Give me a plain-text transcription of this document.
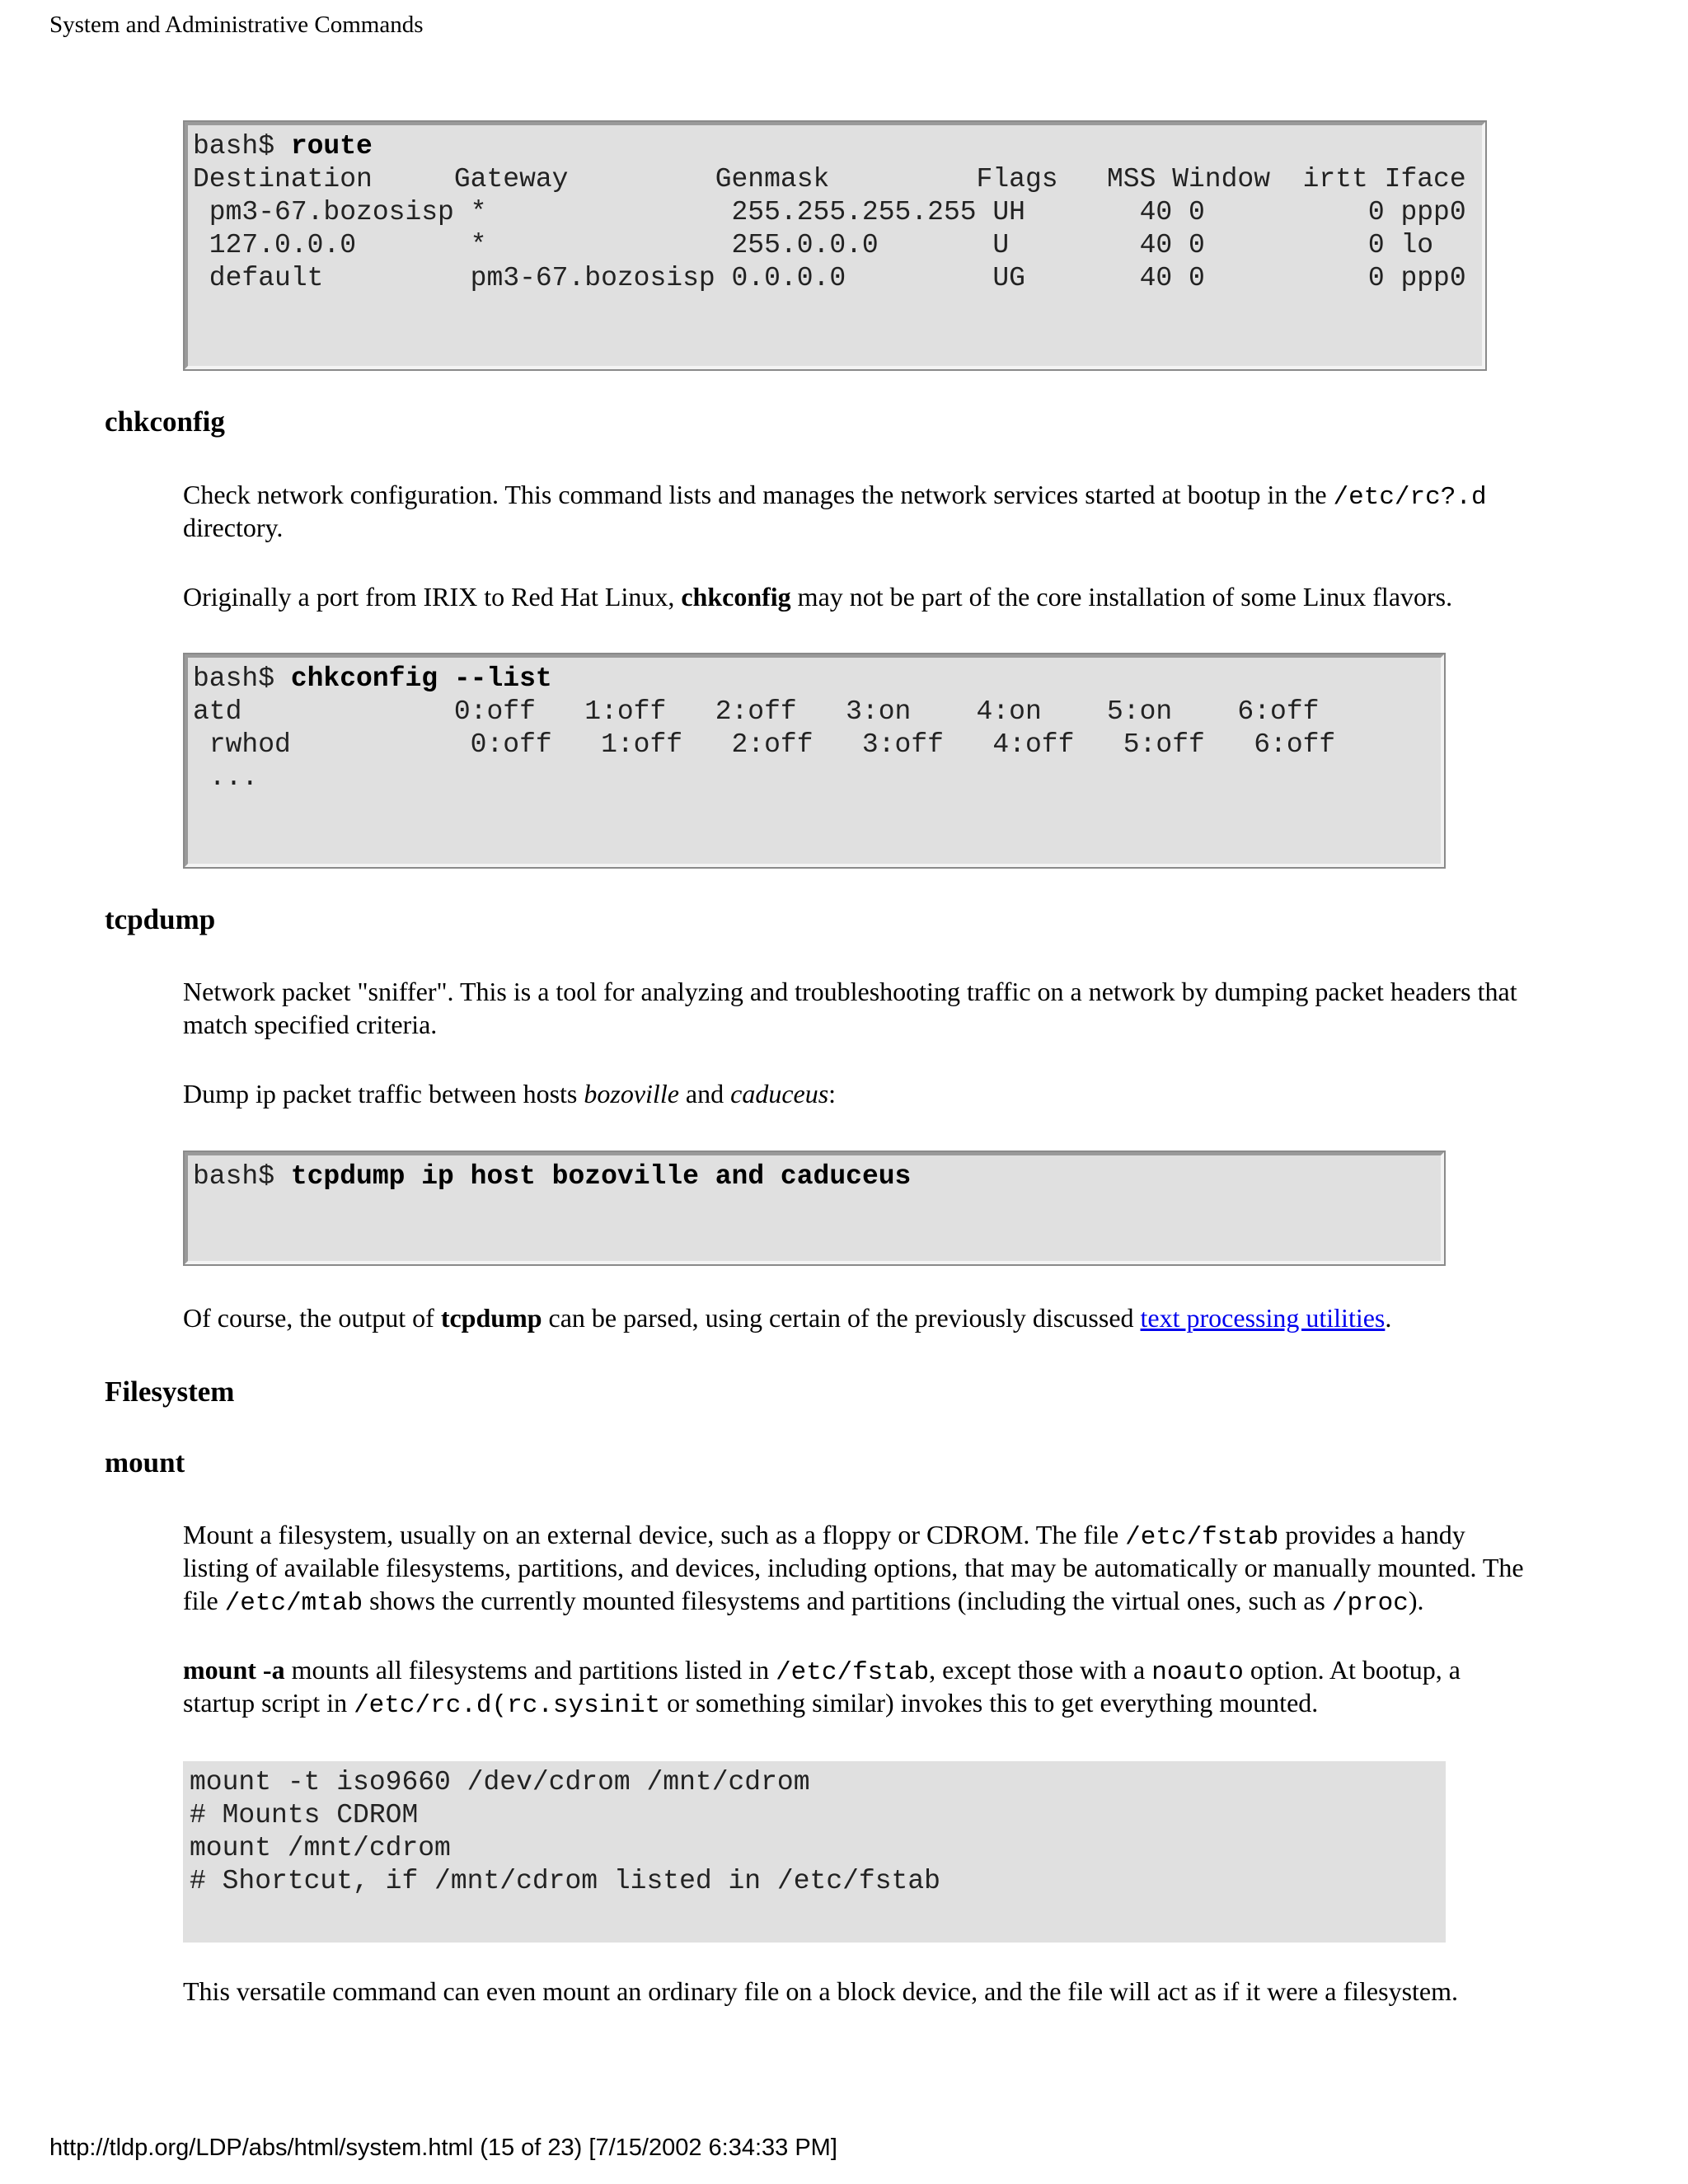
System and Administrative Commands
bash$ route
Destination     Gateway         Genmask         Flags   MSS Window  irtt Iface
pm3-67.bozosisp *               255.255.255.255 UH       40 0          0 ppp0
127.0.0.0       *               255.0.0.0       U        40 0          0 lo
default         pm3-67.bozosisp 0.0.0.0         UG       40 0          0 ppp0
chkconfig
Check network configuration. This command lists and manages the network services started at bootup in the /etc/rc?.d
directory.
Originally a port from IRIX to Red Hat Linux, chkconfig may not be part of the core installation of some Linux flavors.
bash$ chkconfig --list
atd             0:off   1:off   2:off   3:on    4:on    5:on    6:off
rwhod           0:off   1:off   2:off   3:off   4:off   5:off   6:off
...
tcpdump
Network packet "sniffer". This is a tool for analyzing and troubleshooting traffic on a network by dumping packet headers that
match specified criteria.
Dump ip packet traffic between hosts bozoville and caduceus:
bash$ tcpdump ip host bozoville and caduceus
Of course, the output of tcpdump can be parsed, using certain of the previously discussed text processing utilities.
Filesystem
mount
Mount a filesystem, usually on an external device, such as a floppy or CDROM. The file /etc/fstab provides a handy
listing of available filesystems, partitions, and devices, including options, that may be automatically or manually mounted. The
file /etc/mtab shows the currently mounted filesystems and partitions (including the virtual ones, such as /proc).
mount -a mounts all filesystems and partitions listed in /etc/fstab, except those with a noauto option. At bootup, a
startup script in /etc/rc.d(rc.sysinit or something similar) invokes this to get everything mounted.
mount -t iso9660 /dev/cdrom /mnt/cdrom
# Mounts CDROM
mount /mnt/cdrom
# Shortcut, if /mnt/cdrom listed in /etc/fstab
This versatile command can even mount an ordinary file on a block device, and the file will act as if it were a filesystem.
http://tldp.org/LDP/abs/html/system.html (15 of 23) [7/15/2002 6:34:33 PM]
